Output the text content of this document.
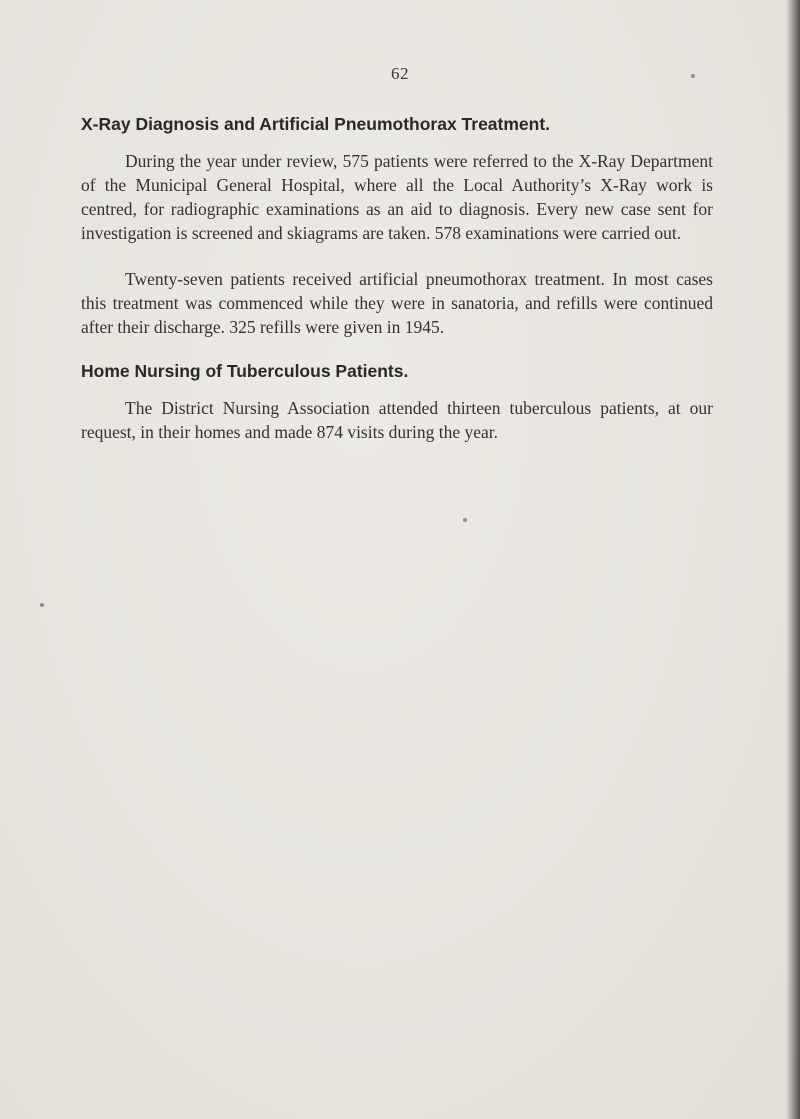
62
X-Ray Diagnosis and Artificial Pneumothorax Treatment.

During the year under review, 575 patients were referred to the X-Ray Department of the Municipal General Hospital, where all the Local Authority’s X-Ray work is centred, for radiographic examinations as an aid to diagnosis. Every new case sent for investigation is screened and skiagrams are taken. 578 examinations were carried out.

Twenty-seven patients received artificial pneumothorax treatment. In most cases this treatment was commenced while they were in sanatoria, and refills were continued after their discharge. 325 refills were given in 1945.

Home Nursing of Tuberculous Patients.

The District Nursing Association attended thirteen tuberculous patients, at our request, in their homes and made 874 visits during the year.
